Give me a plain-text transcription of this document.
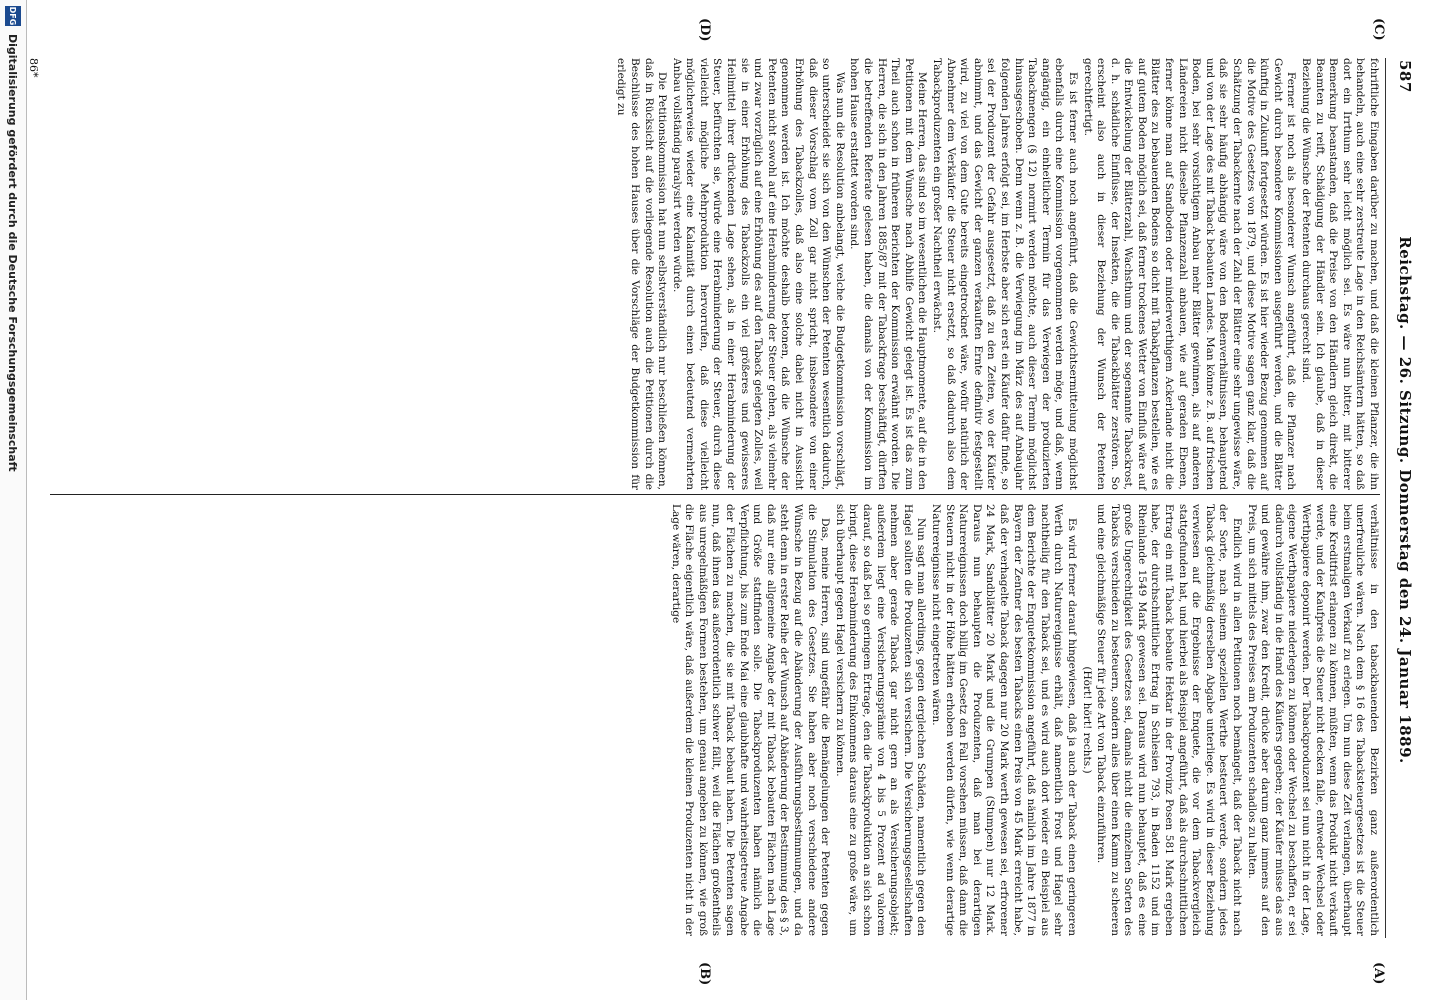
587
Reichstag. — 26. Sitzung. Donnerstag den 24. Januar 1889.
(C)
(D)
(A)
(B)

fchriftliche Eingaben darüber zu machen, und daß die kleinen Pflanzer, die ihn behandeln, auch eine sehr zerstreute Lage in den Reichsämtern hätten, so daß dort ein Irrthum sehr leicht möglich sei. Es wäre nun bitter, mit bitterer Bemerkung beanstanden, daß die Preise von den Händlern gleich direkt, die Beamten zu reift, Schädigung der Händler sein. Ich glaube, daß in dieser Beziehung die Wünsche der Petenten durchaus gerecht sind.

Ferner ist noch als besonderer Wunsch angeführt, daß die Pflanzer nach Gewicht durch besondere Kommissionen ausgeführt werden, und die Blätter künftig in Zukunft fortgesetzt würden. Es ist hier wieder Bezug genommen auf die Motive des Gesetzes von 1879, und diese Motive sagen ganz klar, daß die Schätzung der Tabackernte nach der Zahl der Blätter eine sehr ungewisse wäre, daß sie sehr häufig abhängig wäre von den Bodenverhältnissen, behauptend und von der Lage des mit Taback bebauten Landes. Man könne z. B. auf frischen Boden, bei sehr vorsichtigem Anbau mehr Blätter gewinnen, als auf anderen Ländereien nicht dieselbe Pflanzenzahl anbauen, wie auf geraden Ebenen, ferner könne man auf Sandboden oder minderwerthigem Ackerlande nicht die Blätter des zu bebauenden Bodens so dicht mit Tabakpflanzen bestellen, wie es auf gutem Boden möglich sei, daß ferner trockenes Wetter von Einfluß wäre auf die Entwickelung der Blätterzahl, Wachsthum und der sogenannte Tabackrost, d. h. schädliche Einflüsse, der Insekten, die die Tabackblätter zerstören. So erscheint also auch in dieser Beziehung der Wunsch der Petenten gerechtfertigt.

Es ist ferner auch noch angeführt, daß die Gewichtsermittelung möglichst ebenfalls durch eine Kommission vorgenommen werden möge, und daß, wenn angängig, ein einheitlicher Termin für das Verwiegen der produzierten Tabackmengen (§ 12) normirt werden möchte, auch dieser Termin möglichst hinausgeschoben. Denn wenn z. B. die Verwiegung im März des auf Anbaujahr folgenden Jahres erfolgt sei, im Herbste aber sich erst ein Käufer dafür finde, so sei der Produzent der Gefahr ausgesetzt, daß zu den Zeiten, wo der Käufer abnimmt, und das Gewicht der ganzen verkauften Ernte definitiv festgestellt wird, zu viel von dem Gute bereits eingetrocknet wäre, wofür natürlich der Abnehmer dem Verkäufer die Steuer nicht ersetzt, so daß dadurch also dem Tabackproduzenten ein großer Nachtheil erwächst.

Meine Herren, das sind so im wesentlichen die Hauptmomente, auf die in den Petitionen mit dem Wunsche nach Abhilfe Gewicht gelegt ist. Es ist das zum Theil auch schon in früheren Berichten der Kommission erwähnt worden. Die Herren, die sich in den Jahren 1885/87 mit der Tabackfrage beschäftigt, dürften die betreffenden Referate gelesen haben, die damals von der Kommission im hohen Hause erstattet worden sind.

Was nun die Resolution anbelangt, welche die Budgetkommission vorschlägt, so unterscheidet sie sich von den Wünschen der Petenten wesentlich dadurch, daß dieser Vorschlag vom Zoll gar nicht spricht, insbesondere von einer Erhöhung des Tabackzolles, daß also eine solche dabei nicht in Aussicht genommen werden ist. Ich möchte deshalb betonen, daß die Wünsche der Petenten nicht sowohl auf eine Herabminderung der Steuer gehen, als vielmehr und zwar vorzüglich auf eine Erhöhung des auf den Taback gelegten Zolles, weil sie in einer Erhöhung des Tabackzolls ein viel größeres und gewisseres Heilmittel ihrer drückenden Lage sehen, als in einer Herabminderung der Steuer, befürchten sie, würde eine Herabminderung der Steuer, durch diese vielleicht mögliche Mehrproduktion hervorrufen, daß diese vielleicht möglicherweise wieder eine Kalamität durch einen bedeutend vermehrten Anbau vollständig paralysirt werden würde.

Die Petitionskommission hat nun selbstverständlich nur beschließen können, daß in Rücksicht auf die vorliegende Resolution auch die Petitionen durch die Beschlüsse des hohen Hauses über die Vorschläge der Budgetkommission für erledigt zu

verhältnisse in den tabackbauenden Bezirken ganz außerordentlich unerfreuliche wären. Nach dem § 16 des Tabacksteuergesetzes ist die Steuer beim erstmaligen Verkauf zu erlegen. Um nun diese Zeit verlangen, überhaupt eine Kreditfrist erlangen zu können, müßten, wenn das Produkt nicht verkauft werde, und der Kaufpreis die Steuer nicht decken falle, entweder Wechsel oder Werthpapiere deponirt werden. Der Tabackproduzent sei nun nicht in der Lage, eigene Werthpapiere niederlegen zu können oder Wechsel zu beschaffen, er sei dadurch vollständig in die Hand des Käufers gegeben; der Käufer müsse das aus und gewähre ihm, zwar den Kredit, drücke aber darum ganz immens auf den Preis, um sich mittels des Preises am Produzenten schadlos zu halten.

Endlich wird in allen Petitionen noch bemängelt, daß der Taback nicht nach der Sorte, nach seinem speziellen Werthe besteuert werde, sondern jedes Taback gleichmäßig derselben Abgabe unterliege. Es wird in dieser Beziehung verwiesen auf die Ergebnisse der Enquete, die vor dem Tabackvergleich stattgefunden hat, und hierbei als Beispiel angeführt, daß als durchschnittlichen Ertrag ein mit Taback bebaute Hektar in der Provinz Posen 581 Mark ergeben habe, der durchschnittliche Ertrag in Schlesien 793, in Baden 1152 und im Rheinlande 1549 Mark gewesen sei. Daraus wird nun behauptet, daß es eine große Ungerechtigkeit des Gesetzes sei, damals nicht die einzelnen Sorten des Tabacks verschieden zu besteuern, sondern alles über einen Kamm zu scheeren und eine gleichmäßige Steuer für jede Art von Taback einzuführen.

(Hört! hört! rechts.)

Es wird ferner darauf hingewiesen, daß ja auch der Taback einen geringeren Werth durch Naturereignisse erhält, daß namentlich Frost und Hagel sehr nachtheilig für den Taback sei, und es wird auch dort wieder ein Beispiel aus dem Berichte der Enquetekommission angeführt, daß nämlich im Jahre 1877 in Bayern der Zentner des besten Tabacks einen Preis von 45 Mark erreicht habe, daß der verhagelte Taback dagegen nur 20 Mark werth gewesen sei, erfrorener 24 Mark, Sandblätter 20 Mark und die Grumpen (Stumpen) nur 12 Mark. Daraus nun behaupten die Produzenten, daß man bei derartigen Naturereignissen doch billig im Gesetz den Fall vorsehen müssen, daß dann die Steuern nicht in der Höhe hätten erhoben werden dürfen, wie wenn derartige Naturereignisse nicht eingetreten wären.

Nun sagt man allerdings, gegen dergleichen Schäden, namentlich gegen den Hagel sollten die Produzenten sich versichern. Die Versicherungsgesellschaften nehmen aber gerade Taback gar nicht gern an als Versicherungsobjekt; außerdem liegt eine Versicherungsprämie von 4 bis 5 Prozent ad valorem darauf, so daß bei so geringem Ertrage, den die Tabackproduktion an sich schon bringt, diese Herabminderung des Einkommens daraus eine zu große wäre, um sich überhaupt gegen Hagel versichern zu können.

Das, meine Herren, sind ungefähr die Bemängelungen der Petenten gegen die Stimulation des Gesetzes. Sie haben aber noch verschiedene andere Wünsche in Bezug auf die Abänderung der Ausführungsbestimmungen, und da steht denn in erster Reihe der Wunsch auf Abänderung der Bestimmung des § 3, daß nur eine allgemeine Angabe der mit Taback bebauten Flächen nach Lage und Größe stattfinden solle. Die Tabackproduzenten haben nämlich die Verpflichtung, bis zum Ende Mai eine glaubhafte und wahrheitsgetreue Angabe der Flächen zu machen, die sie mit Taback bebaut haben. Die Petenten sagen nun, daß ihnen das außerordentlich schwer fällt, weil die Flächen großentheils aus unregelmäßigen Formen bestehen, um genau angeben zu können, wie groß die Fläche eigentlich wäre, daß außerdem die kleinen Produzenten nicht in der Lage wären, derartige

86*
DFG
Digitalisierung gefördert durch die Deutsche Forschungsgemeinschaft
